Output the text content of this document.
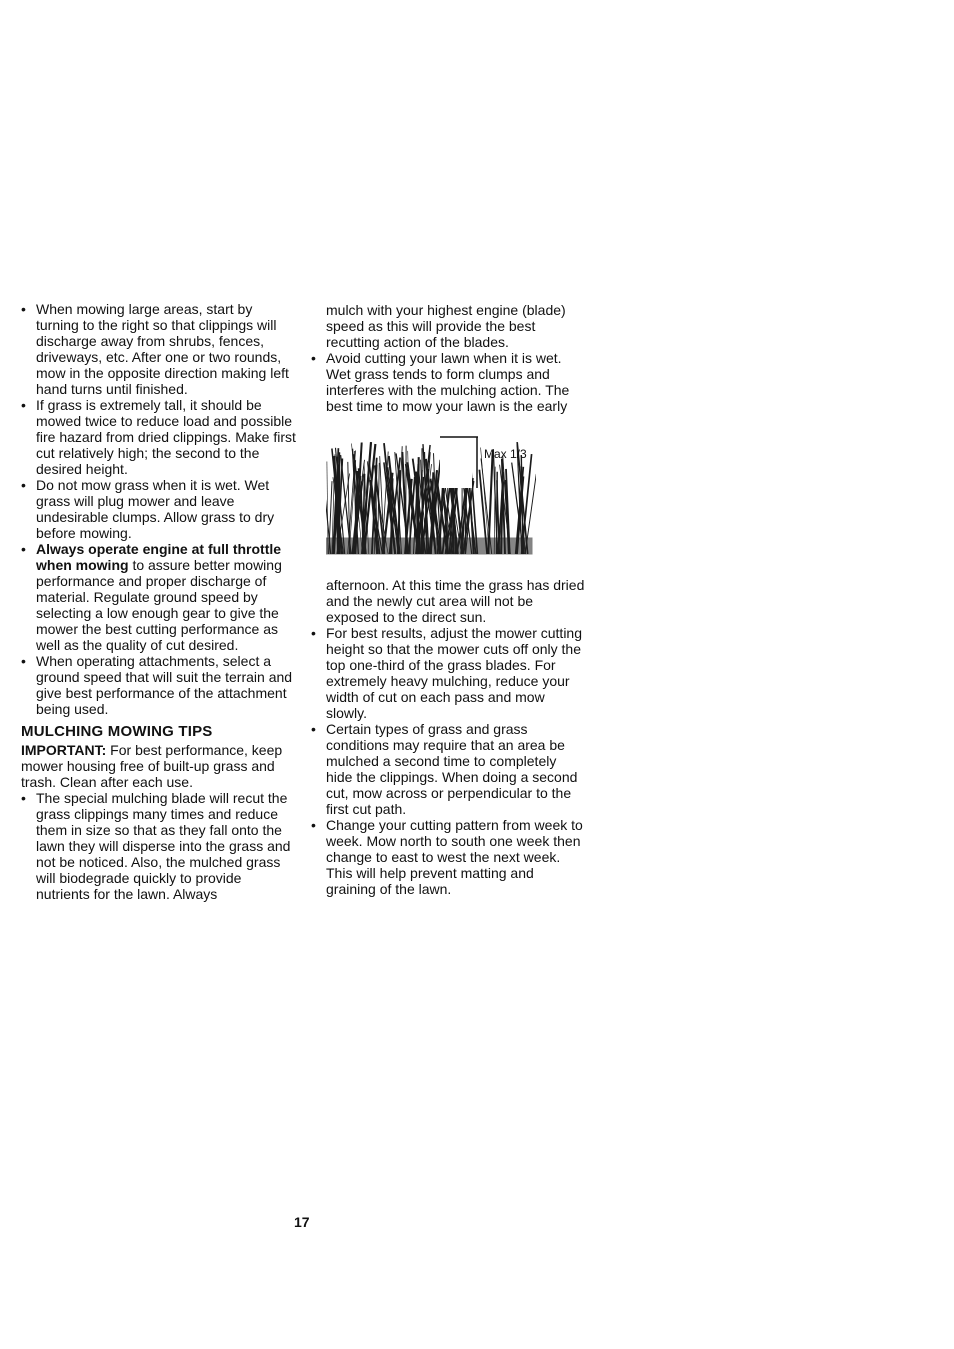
• When mowing large areas, start by turning to the right so that clippings will discharge away from shrubs, fences, driveways, etc. After one or two rounds, mow in the opposite direction making left hand turns until finished.

• If grass is extremely tall, it should be mowed twice to reduce load and possible fire hazard from dried clippings. Make first cut relatively high; the second to the desired height.

• Do not mow grass when it is wet. Wet grass will plug mower and leave undesirable clumps. Allow grass to dry before mowing.

• Always operate engine at full throttle when mowing to assure better mowing performance and proper discharge of material. Regulate ground speed by selecting a low enough gear to give the mower the best cutting performance as well as the quality of cut desired.

• When operating attachments, select a ground speed that will suit the terrain and give best performance of the attachment being used.

MULCHING MOWING TIPS

IMPORTANT: For best performance, keep mower housing free of built-up grass and trash. Clean after each use.

• The special mulching blade will recut the grass clippings many times and reduce them in size so that as they fall onto the lawn they will disperse into the grass and not be noticed. Also, the mulched grass will biodegrade quickly to provide nutrients for the lawn. Always

mulch with your highest engine (blade) speed as this will provide the best recutting action of the blades.

• Avoid cutting your lawn when it is wet. Wet grass tends to form clumps and interferes with the mulching action. The best time to mow your lawn is the early

Max 1/3

afternoon. At this time the grass has dried and the newly cut area will not be exposed to the direct sun.

• For best results, adjust the mower cutting height so that the mower cuts off only the top one-third of the grass blades. For extremely heavy mulching, reduce your width of cut on each pass and mow slowly.

• Certain types of grass and grass conditions may require that an area be mulched a second time to completely hide the clippings. When doing a second cut, mow across or perpendicular to the first cut path.

• Change your cutting pattern from week to week. Mow north to south one week then change to east to west the next week. This will help prevent matting and graining of the lawn.

17
